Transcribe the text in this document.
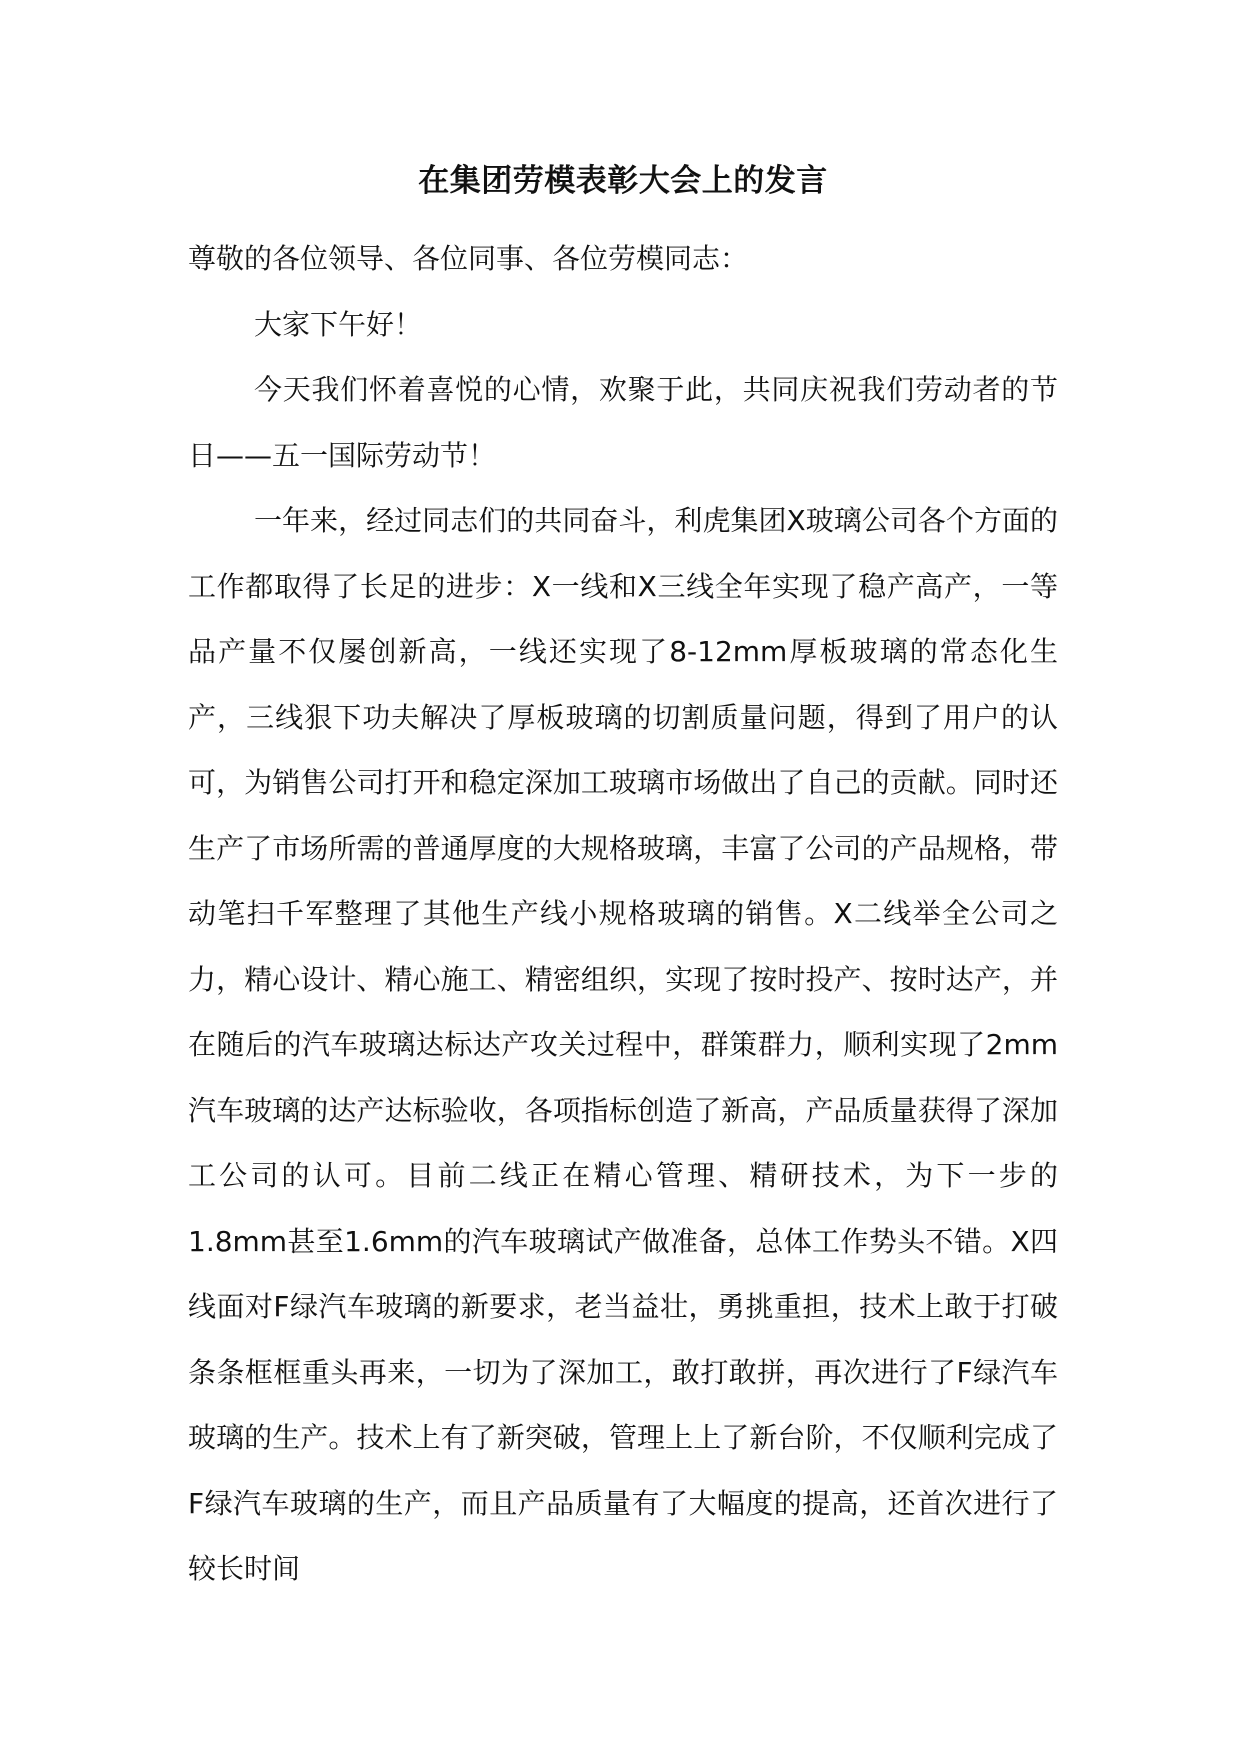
在集团劳模表彰大会上的发言

尊敬的各位领导、各位同事、各位劳模同志：

大家下午好！

今天我们怀着喜悦的心情，欢聚于此，共同庆祝我们劳动者的节日——五一国际劳动节！

一年来，经过同志们的共同奋斗，利虎集团X玻璃公司各个方面的工作都取得了长足的进步：X一线和X三线全年实现了稳产高产，一等品产量不仅屡创新高，一线还实现了8-12mm厚板玻璃的常态化生产，三线狠下功夫解决了厚板玻璃的切割质量问题，得到了用户的认可，为销售公司打开和稳定深加工玻璃市场做出了自己的贡献。同时还生产了市场所需的普通厚度的大规格玻璃，丰富了公司的产品规格，带动笔扫千军整理了其他生产线小规格玻璃的销售。X二线举全公司之力，精心设计、精心施工、精密组织，实现了按时投产、按时达产，并在随后的汽车玻璃达标达产攻关过程中，群策群力，顺利实现了2mm汽车玻璃的达产达标验收，各项指标创造了新高，产品质量获得了深加工公司的认可。目前二线正在精心管理、精研技术，为下一步的1.8mm甚至1.6mm的汽车玻璃试产做准备，总体工作势头不错。X四线面对F绿汽车玻璃的新要求，老当益壮，勇挑重担，技术上敢于打破条条框框重头再来，一切为了深加工，敢打敢拼，再次进行了F绿汽车玻璃的生产。技术上有了新突破，管理上上了新台阶，不仅顺利完成了F绿汽车玻璃的生产，而且产品质量有了大幅度的提高，还首次进行了较长时间
